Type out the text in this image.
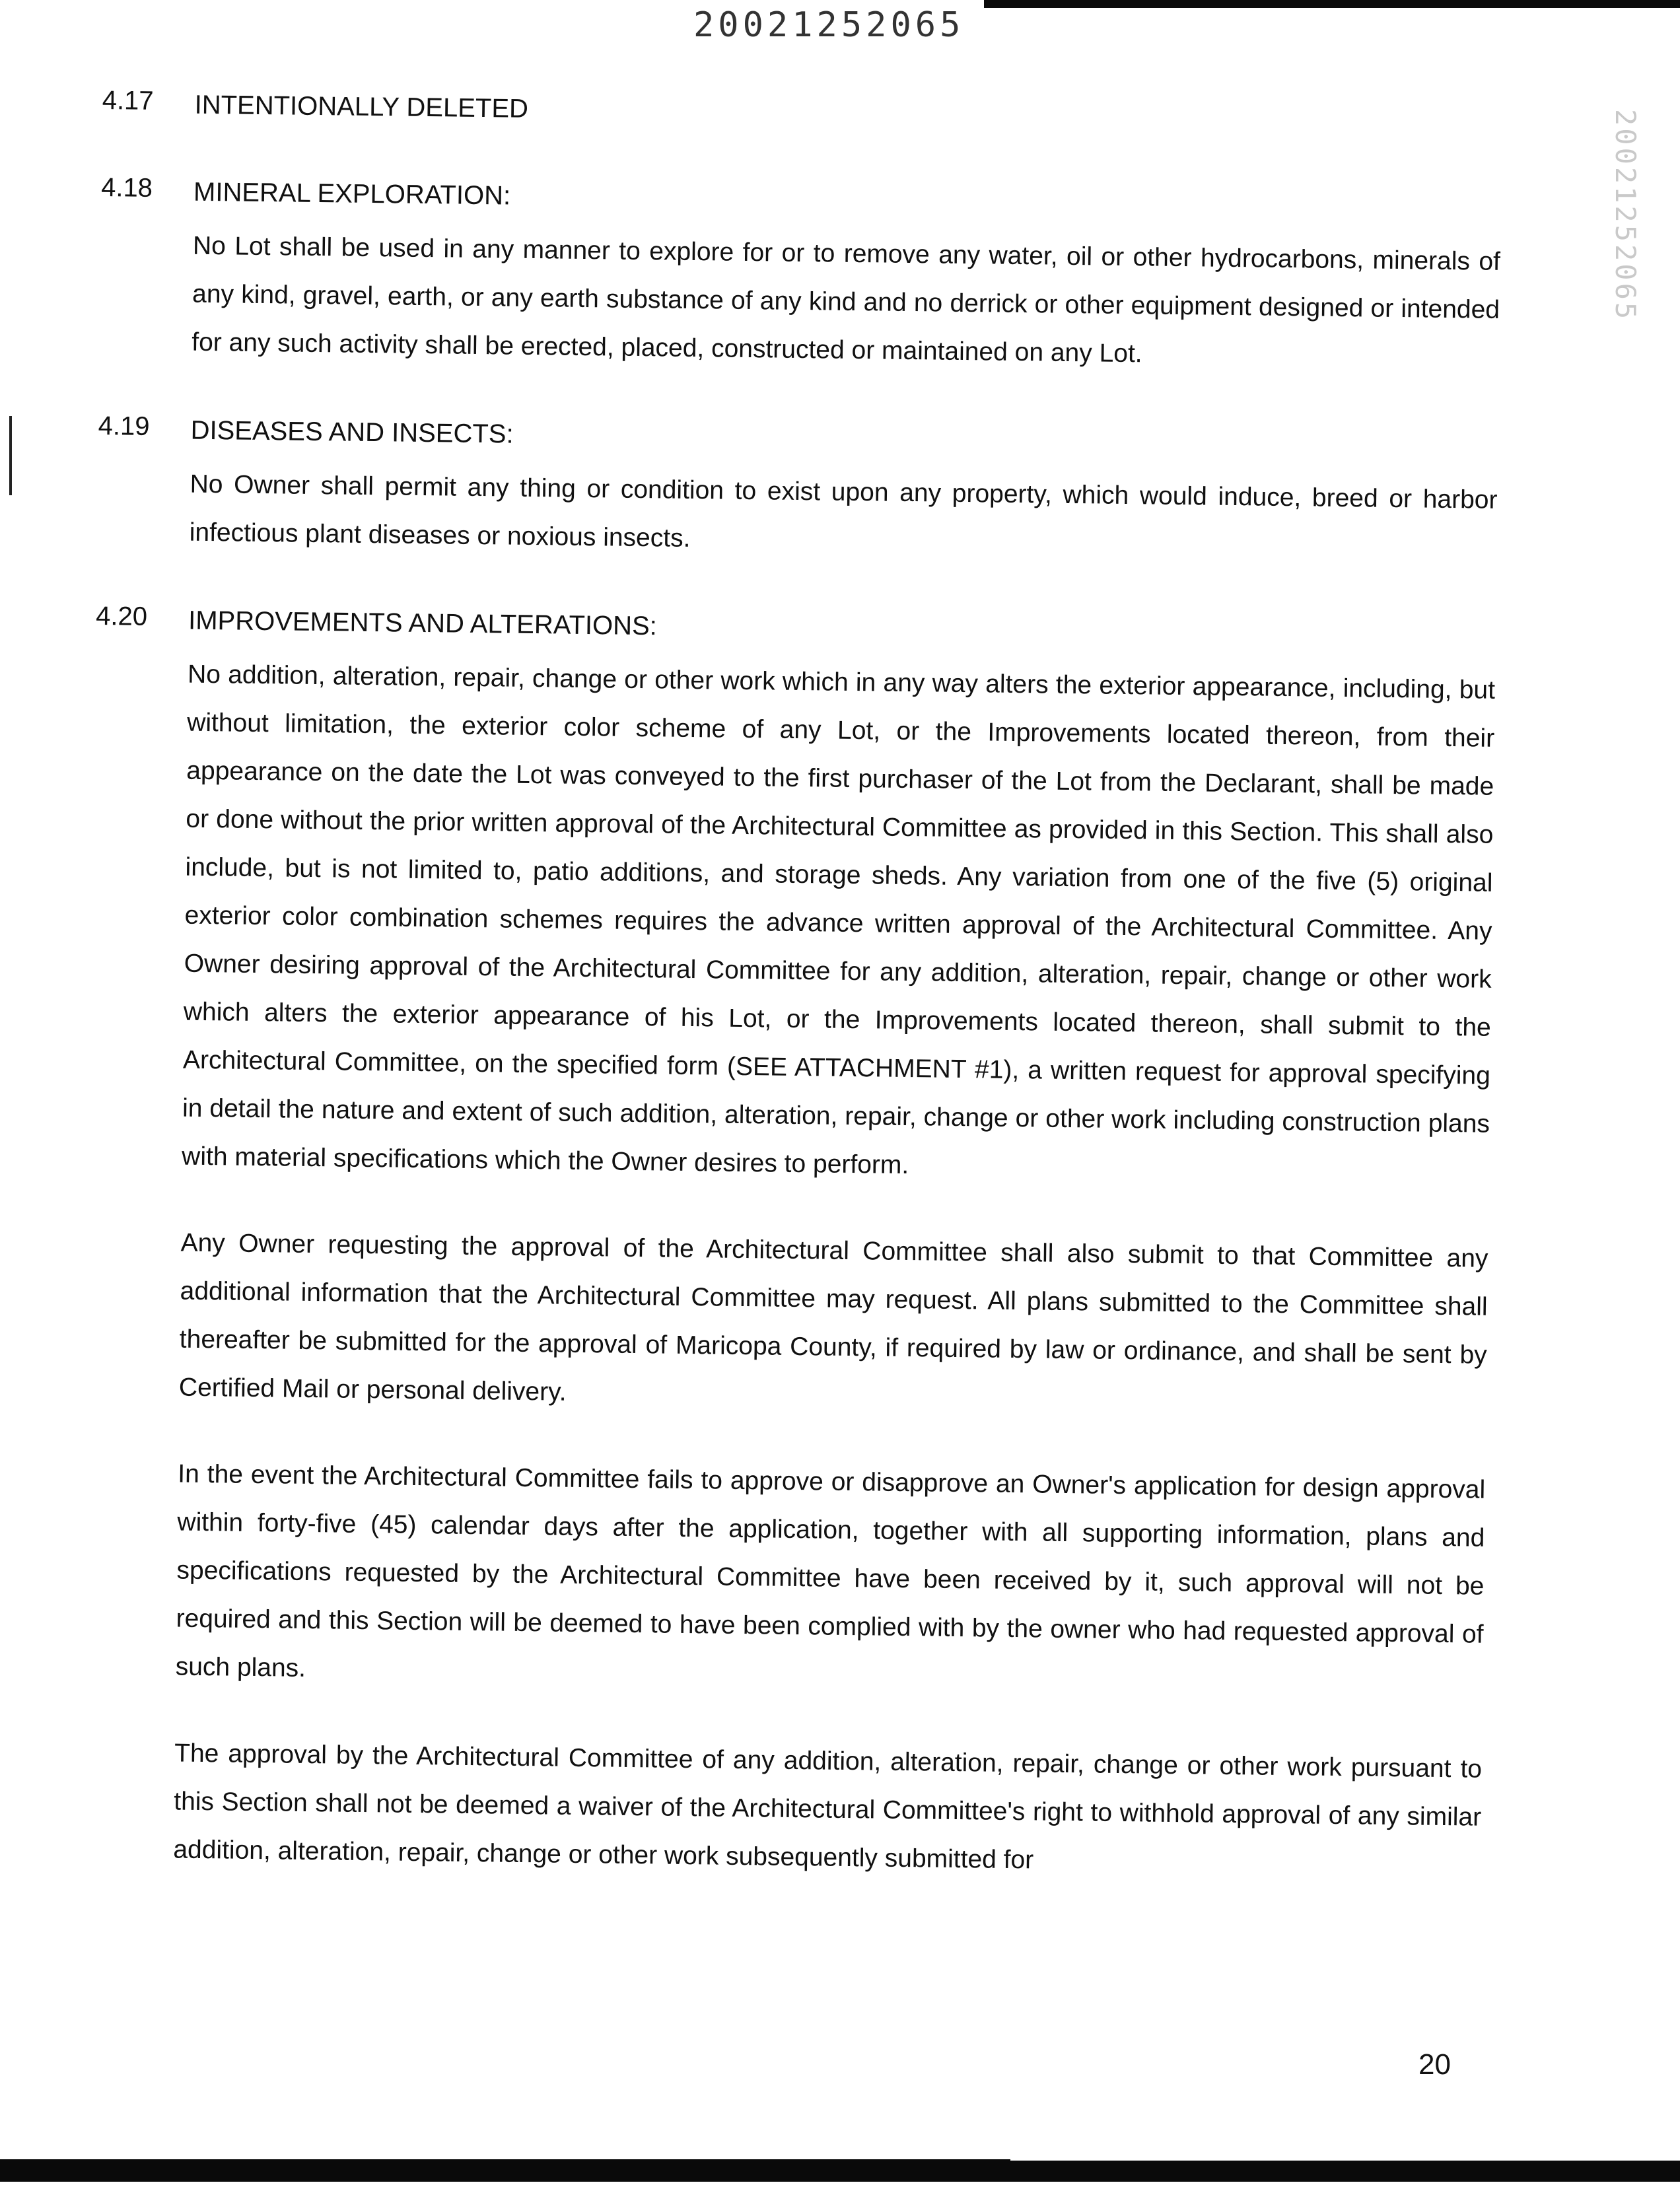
20021252065
20021252065
4.17 INTENTIONALLY DELETED
4.18 MINERAL EXPLORATION:

No Lot shall be used in any manner to explore for or to remove any water, oil or other hydrocarbons, minerals of any kind, gravel, earth, or any earth substance of any kind and no derrick or other equipment designed or intended for any such activity shall be erected, placed, constructed or maintained on any Lot.

4.19 DISEASES AND INSECTS:

No Owner shall permit any thing or condition to exist upon any property, which would induce, breed or harbor infectious plant diseases or noxious insects.

4.20 IMPROVEMENTS AND ALTERATIONS:

No addition, alteration, repair, change or other work which in any way alters the exterior appearance, including, but without limitation, the exterior color scheme of any Lot, or the Improvements located thereon, from their appearance on the date the Lot was conveyed to the first purchaser of the Lot from the Declarant, shall be made or done without the prior written approval of the Architectural Committee as provided in this Section. This shall also include, but is not limited to, patio additions, and storage sheds. Any variation from one of the five (5) original exterior color combination schemes requires the advance written approval of the Architectural Committee. Any Owner desiring approval of the Architectural Committee for any addition, alteration, repair, change or other work which alters the exterior appearance of his Lot, or the Improvements located thereon, shall submit to the Architectural Committee, on the specified form (SEE ATTACHMENT #1), a written request for approval specifying in detail the nature and extent of such addition, alteration, repair, change or other work including construction plans with material specifications which the Owner desires to perform.

Any Owner requesting the approval of the Architectural Committee shall also submit to that Committee any additional information that the Architectural Committee may request. All plans submitted to the Committee shall thereafter be submitted for the approval of Maricopa County, if required by law or ordinance, and shall be sent by Certified Mail or personal delivery.

In the event the Architectural Committee fails to approve or disapprove an Owner's application for design approval within forty-five (45) calendar days after the application, together with all supporting information, plans and specifications requested by the Architectural Committee have been received by it, such approval will not be required and this Section will be deemed to have been complied with by the owner who had requested approval of such plans.

The approval by the Architectural Committee of any addition, alteration, repair, change or other work pursuant to this Section shall not be deemed a waiver of the Architectural Committee's right to withhold approval of any similar addition, alteration, repair, change or other work subsequently submitted for

20
